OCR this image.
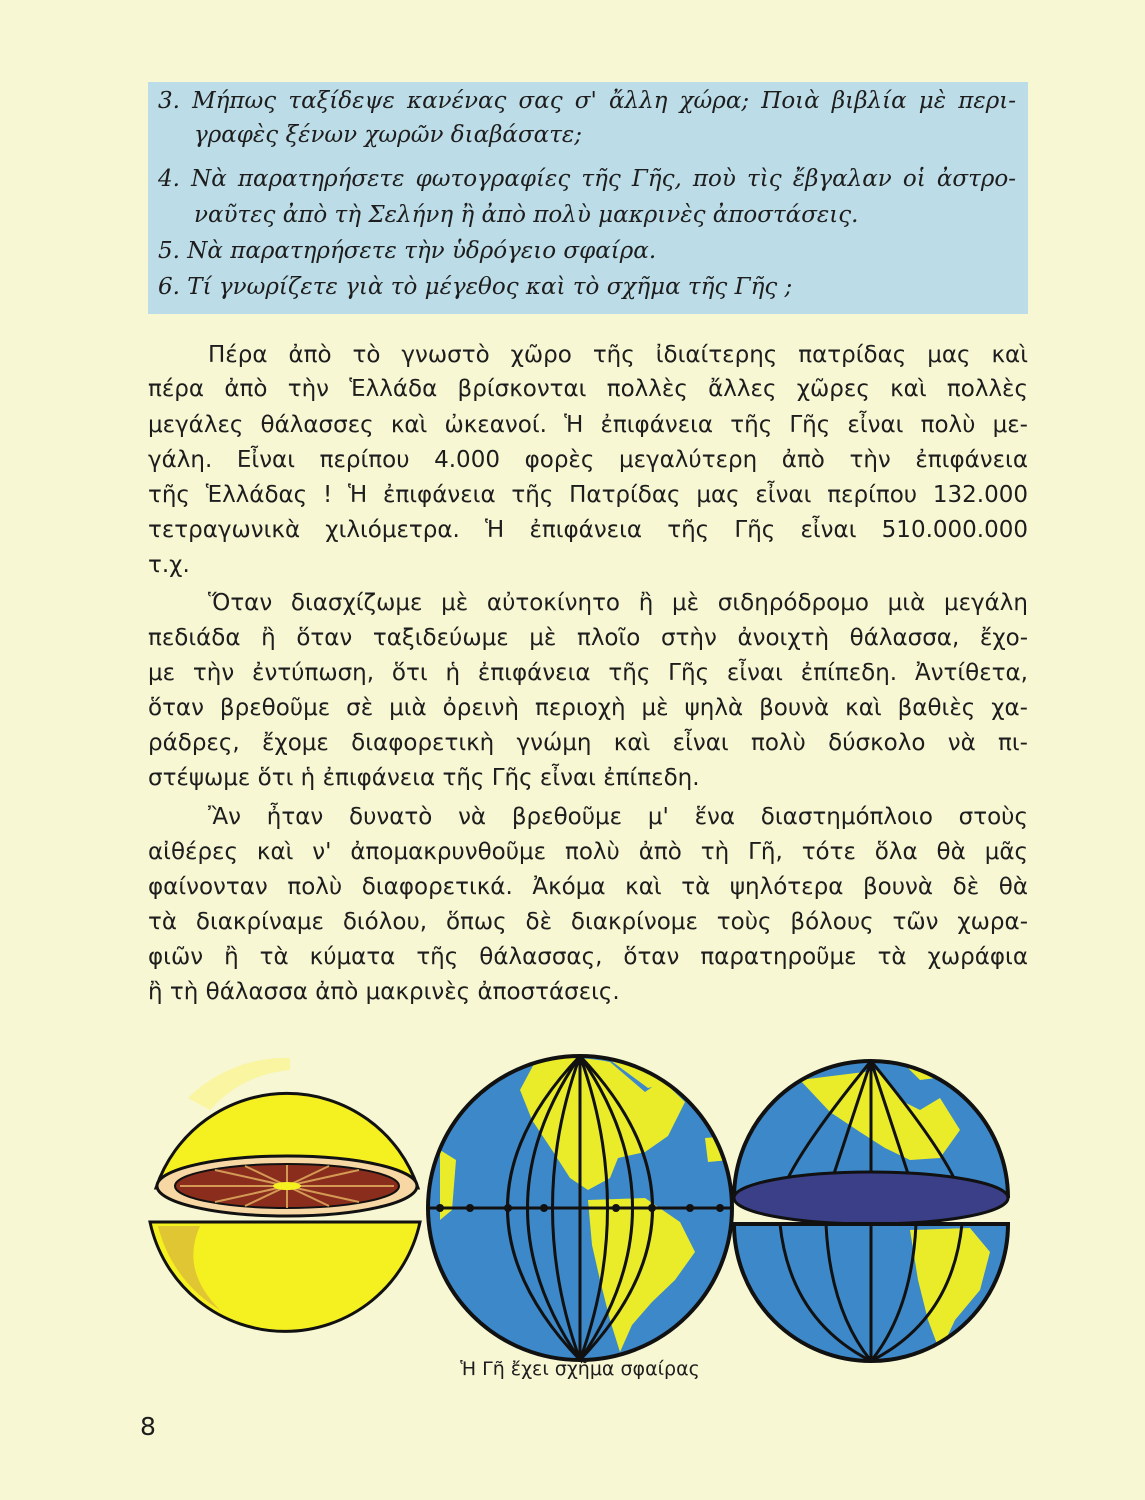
3. Μήπως ταξίδεψε κανένας σας σ' ἄλλη χώρα; Ποιὰ βιβλία μὲ περι-
γραφὲς ξένων χωρῶν διαβάσατε;
4. Νὰ παρατηρήσετε φωτογραφίες τῆς Γῆς, ποὺ τὶς ἔβγαλαν οἱ ἀστρο-
ναῦτες ἀπὸ τὴ Σελήνη ἢ ἀπὸ πολὺ μακρινὲς ἀποστάσεις.
5. Νὰ παρατηρήσετε τὴν ὑδρόγειο σφαίρα.
6. Τί γνωρίζετε γιὰ τὸ μέγεθος καὶ τὸ σχῆμα τῆς Γῆς ;
Πέρα ἀπὸ τὸ γνωστὸ χῶρο τῆς ἰδιαίτερης πατρίδας μας καὶ
πέρα ἀπὸ τὴν Ἑλλάδα βρίσκονται πολλὲς ἄλλες χῶρες καὶ πολλὲς
μεγάλες θάλασσες καὶ ὠκεανοί. Ἡ ἐπιφάνεια τῆς Γῆς εἶναι πολὺ με-
γάλη. Εἶναι περίπου 4.000 φορὲς μεγαλύτερη ἀπὸ τὴν ἐπιφάνεια
τῆς Ἑλλάδας ! Ἡ ἐπιφάνεια τῆς Πατρίδας μας εἶναι περίπου 132.000
τετραγωνικὰ χιλιόμετρα. Ἡ ἐπιφάνεια τῆς Γῆς εἶναι 510.000.000
τ.χ.
Ὅταν διασχίζωμε μὲ αὐτοκίνητο ἢ μὲ σιδηρόδρομο μιὰ μεγάλη
πεδιάδα ἢ ὅταν ταξιδεύωμε μὲ πλοῖο στὴν ἀνοιχτὴ θάλασσα, ἔχο-
με τὴν ἐντύπωση, ὅτι ἡ ἐπιφάνεια τῆς Γῆς εἶναι ἐπίπεδη. Ἀντίθετα,
ὅταν βρεθοῦμε σὲ μιὰ ὀρεινὴ περιοχὴ μὲ ψηλὰ βουνὰ καὶ βαθιὲς χα-
ράδρες, ἔχομε διαφορετικὴ γνώμη καὶ εἶναι πολὺ δύσκολο νὰ πι-
στέψωμε ὅτι ἡ ἐπιφάνεια τῆς Γῆς εἶναι ἐπίπεδη.
Ἂν ἦταν δυνατὸ νὰ βρεθοῦμε μ' ἕνα διαστημόπλοιο στοὺς
αἰθέρες καὶ ν' ἀπομακρυνθοῦμε πολὺ ἀπὸ τὴ Γῆ, τότε ὅλα θὰ μᾶς
φαίνονταν πολὺ διαφορετικά. Ἀκόμα καὶ τὰ ψηλότερα βουνὰ δὲ θὰ
τὰ διακρίναμε διόλου, ὅπως δὲ διακρίνομε τοὺς βόλους τῶν χωρα-
φιῶν ἢ τὰ κύματα τῆς θάλασσας, ὅταν παρατηροῦμε τὰ χωράφια
ἢ τὴ θάλασσα ἀπὸ μακρινὲς ἀποστάσεις.
Ἡ Γῆ ἔχει σχῆμα σφαίρας
8
